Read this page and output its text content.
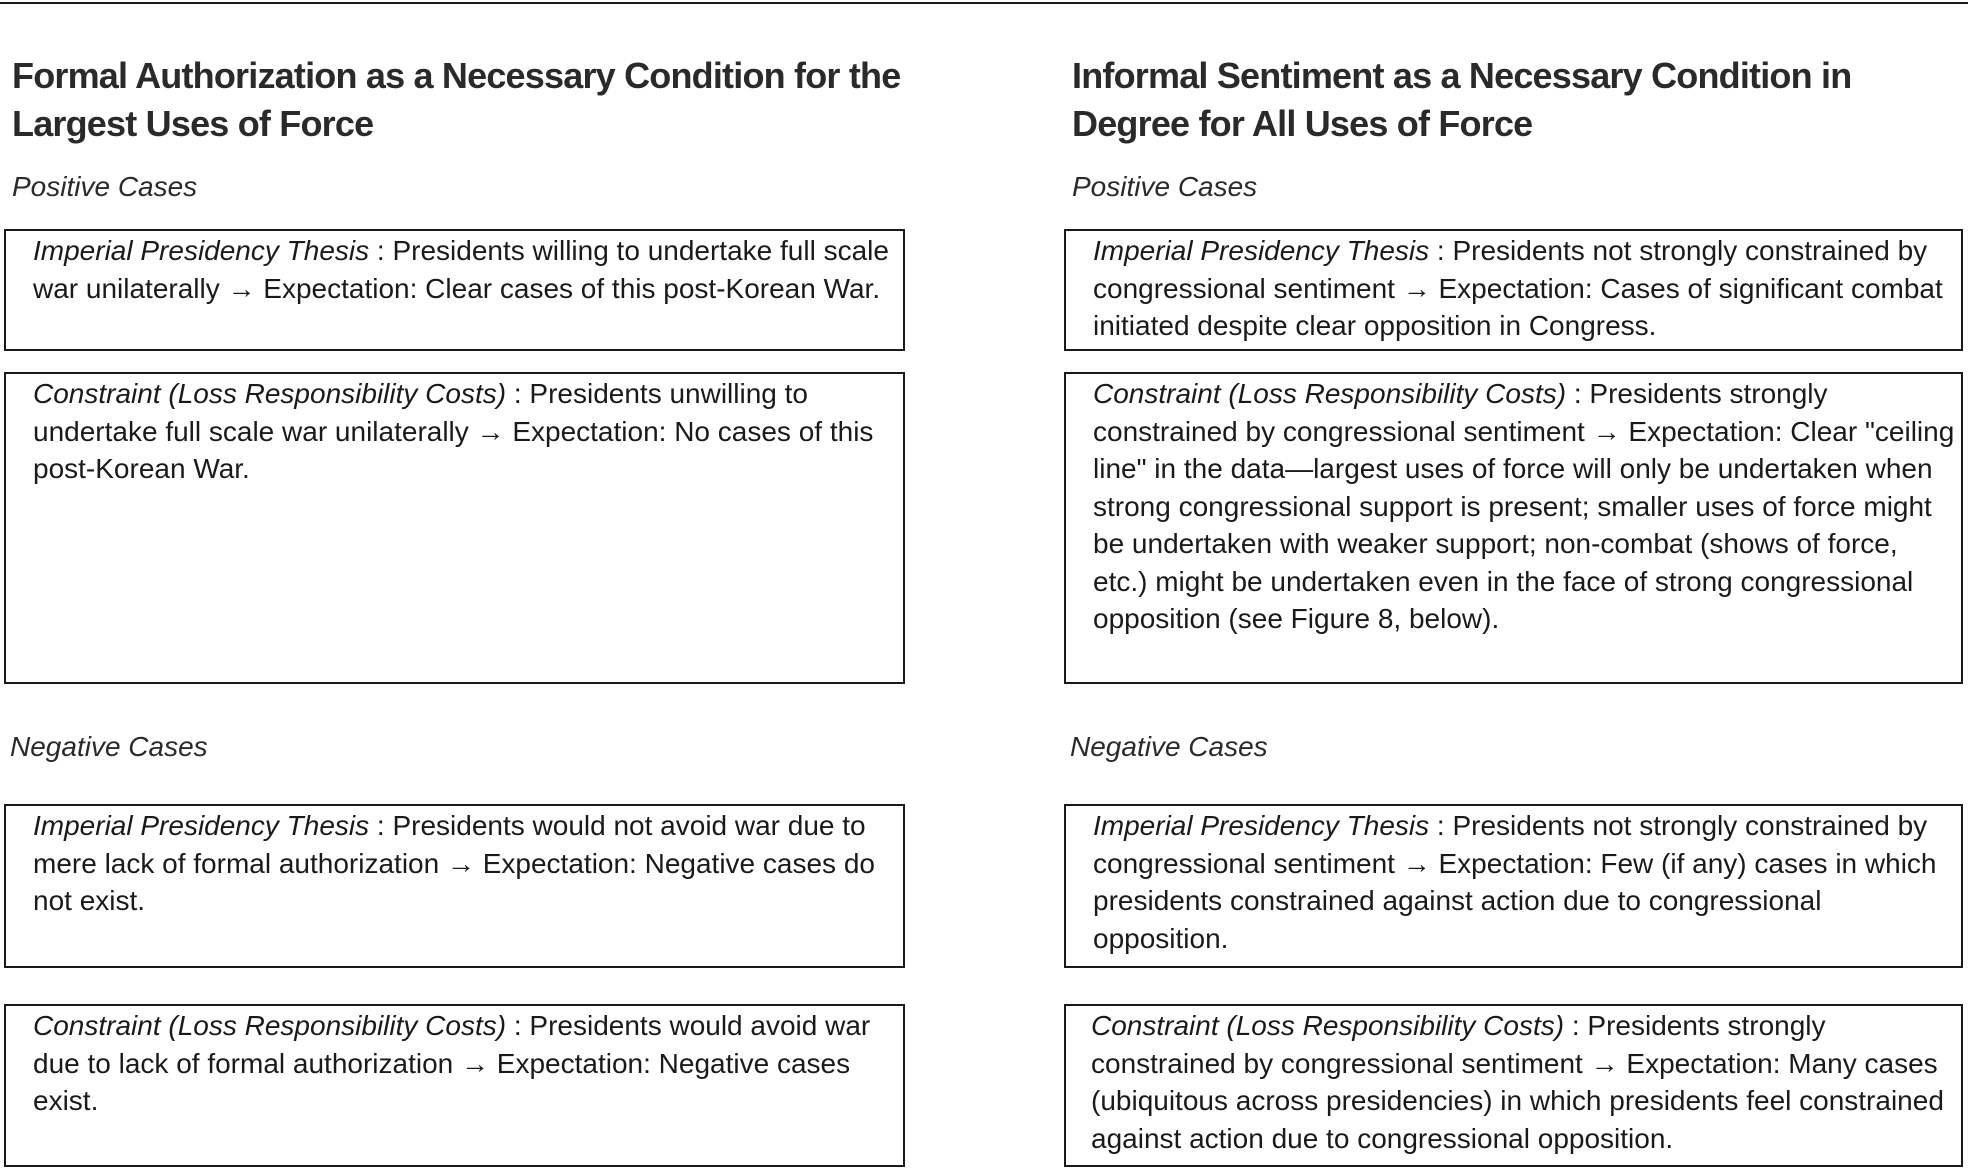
Formal Authorization as a Necessary Condition for the Largest Uses of Force

Positive Cases

Imperial Presidency Thesis : Presidents willing to undertake full scale war unilaterally → Expectation: Clear cases of this post-Korean War.
Constraint (Loss Responsibility Costs) : Presidents unwilling to undertake full scale war unilaterally → Expectation: No cases of this post-Korean War.

Negative Cases

Imperial Presidency Thesis : Presidents would not avoid war due to mere lack of formal authorization → Expectation: Negative cases do not exist.
Constraint (Loss Responsibility Costs) : Presidents would avoid war due to lack of formal authorization → Expectation: Negative cases exist.
Informal Sentiment as a Necessary Condition in Degree for All Uses of Force

Positive Cases

Imperial Presidency Thesis : Presidents not strongly constrained by congressional sentiment → Expectation: Cases of significant combat initiated despite clear opposition in Congress.
Constraint (Loss Responsibility Costs) : Presidents strongly constrained by congressional sentiment → Expectation: Clear "ceiling line" in the data—largest uses of force will only be undertaken when strong congressional support is present; smaller uses of force might be undertaken with weaker support; non-combat (shows of force, etc.) might be undertaken even in the face of strong congressional opposition (see Figure 8, below).

Negative Cases

Imperial Presidency Thesis : Presidents not strongly constrained by congressional sentiment → Expectation: Few (if any) cases in which presidents constrained against action due to congressional opposition.
Constraint (Loss Responsibility Costs) : Presidents strongly constrained by congressional sentiment → Expectation: Many cases (ubiquitous across presidencies) in which presidents feel constrained against action due to congressional opposition.
